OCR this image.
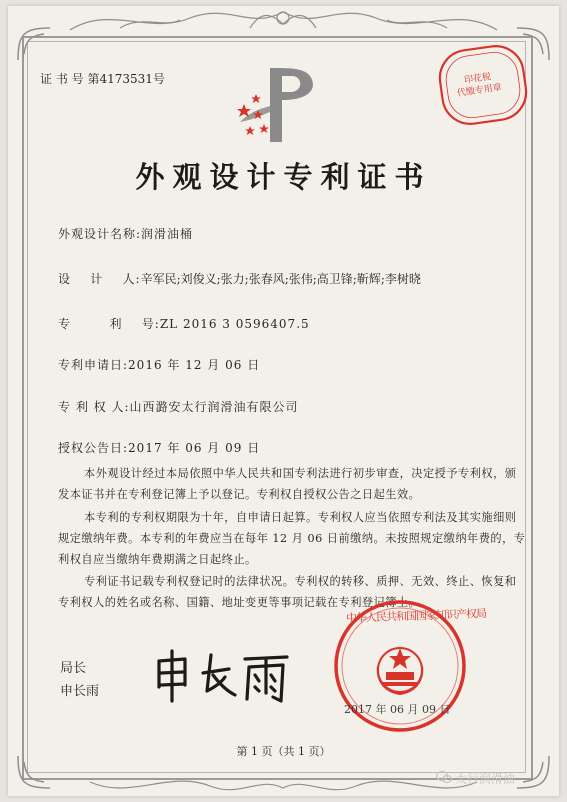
证 书 号 第4173531号	印花税
代缴专用章
外观设计专利证书
外观设计名称:润滑油桶
设    计    人:辛军民;刘俊义;张力;张春风;张伟;高卫锋;靳辉;李树晓
专        利    号:ZL 2016 3 0596407.5
专利申请日:2016 年 12 月 06 日
专 利 权 人:山西潞安太行润滑油有限公司
授权公告日:2017 年 06 月 09 日
本外观设计经过本局依照中华人民共和国专利法进行初步审查，决定授予专利权，颁
发本证书并在专利登记簿上予以登记。专利权自授权公告之日起生效。
本专利的专利权期限为十年，自申请日起算。专利权人应当依照专利法及其实施细则
规定缴纳年费。本专利的年费应当在每年 12 月 06 日前缴纳。未按照规定缴纳年费的，专
利权自应当缴纳年费期满之日起终止。
专利证书记载专利权登记时的法律状况。专利权的转移、质押、无效、终止、恢复和
专利权人的姓名或名称、国籍、地址变更等事项记载在专利登记簿上。
局长
申长雨
中华人民共和国国家知识产权局
2017 年 06 月 09 日
第 1 页（共 1 页）
太行润滑油
